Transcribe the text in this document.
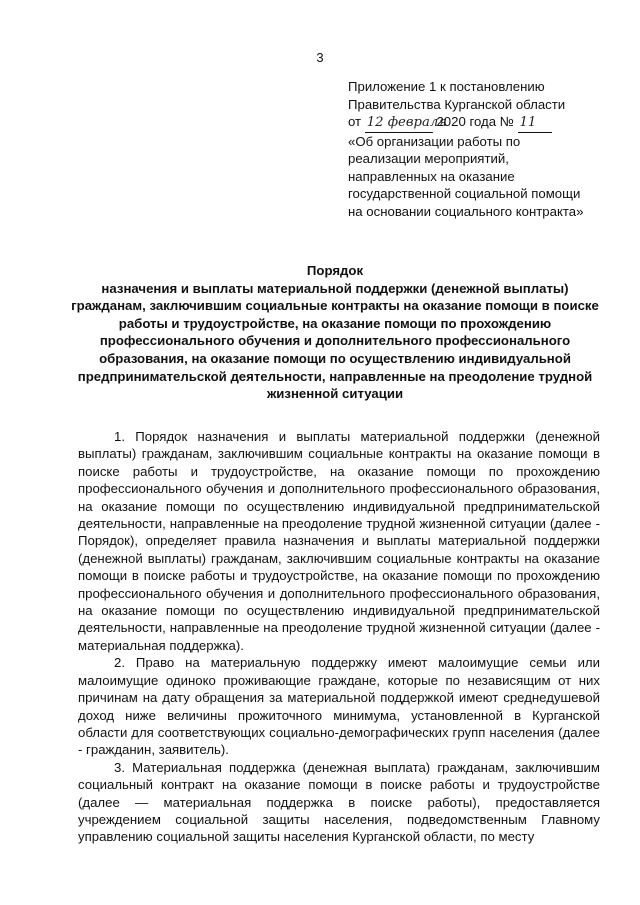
3
Приложение 1 к постановлению
Правительства Курганской области
от 12 февраля 2020 года № 11
«Об организации работы по
реализации мероприятий,
направленных на оказание
государственной социальной помощи
на основании социального контракта»
Порядок
назначения и выплаты материальной поддержки (денежной выплаты) гражданам, заключившим социальные контракты на оказание помощи в поиске работы и трудоустройстве, на оказание помощи по прохождению профессионального обучения и дополнительного профессионального образования, на оказание помощи по осуществлению индивидуальной предпринимательской деятельности, направленные на преодоление трудной жизненной ситуации

1. Порядок назначения и выплаты материальной поддержки (денежной выплаты) гражданам, заключившим социальные контракты на оказание помощи в поиске работы и трудоустройстве, на оказание помощи по прохождению профессионального обучения и дополнительного профессионального образования, на оказание помощи по осуществлению индивидуальной предпринимательской деятельности, направленные на преодоление трудной жизненной ситуации (далее - Порядок), определяет правила назначения и выплаты материальной поддержки (денежной выплаты) гражданам, заключившим социальные контракты на оказание помощи в поиске работы и трудоустройстве, на оказание помощи по прохождению профессионального обучения и дополнительного профессионального образования, на оказание помощи по осуществлению индивидуальной предпринимательской деятельности, направленные на преодоление трудной жизненной ситуации (далее - материальная поддержка).

2. Право на материальную поддержку имеют малоимущие семьи или малоимущие одиноко проживающие граждане, которые по независящим от них причинам на дату обращения за материальной поддержкой имеют среднедушевой доход ниже величины прожиточного минимума, установленной в Курганской области для соответствующих социально-демографических групп населения (далее - гражданин, заявитель).

3. Материальная поддержка (денежная выплата) гражданам, заключившим социальный контракт на оказание помощи в поиске работы и трудоустройстве (далее — материальная поддержка в поиске работы), предоставляется учреждением социальной защиты населения, подведомственным Главному управлению социальной защиты населения Курганской области, по месту
